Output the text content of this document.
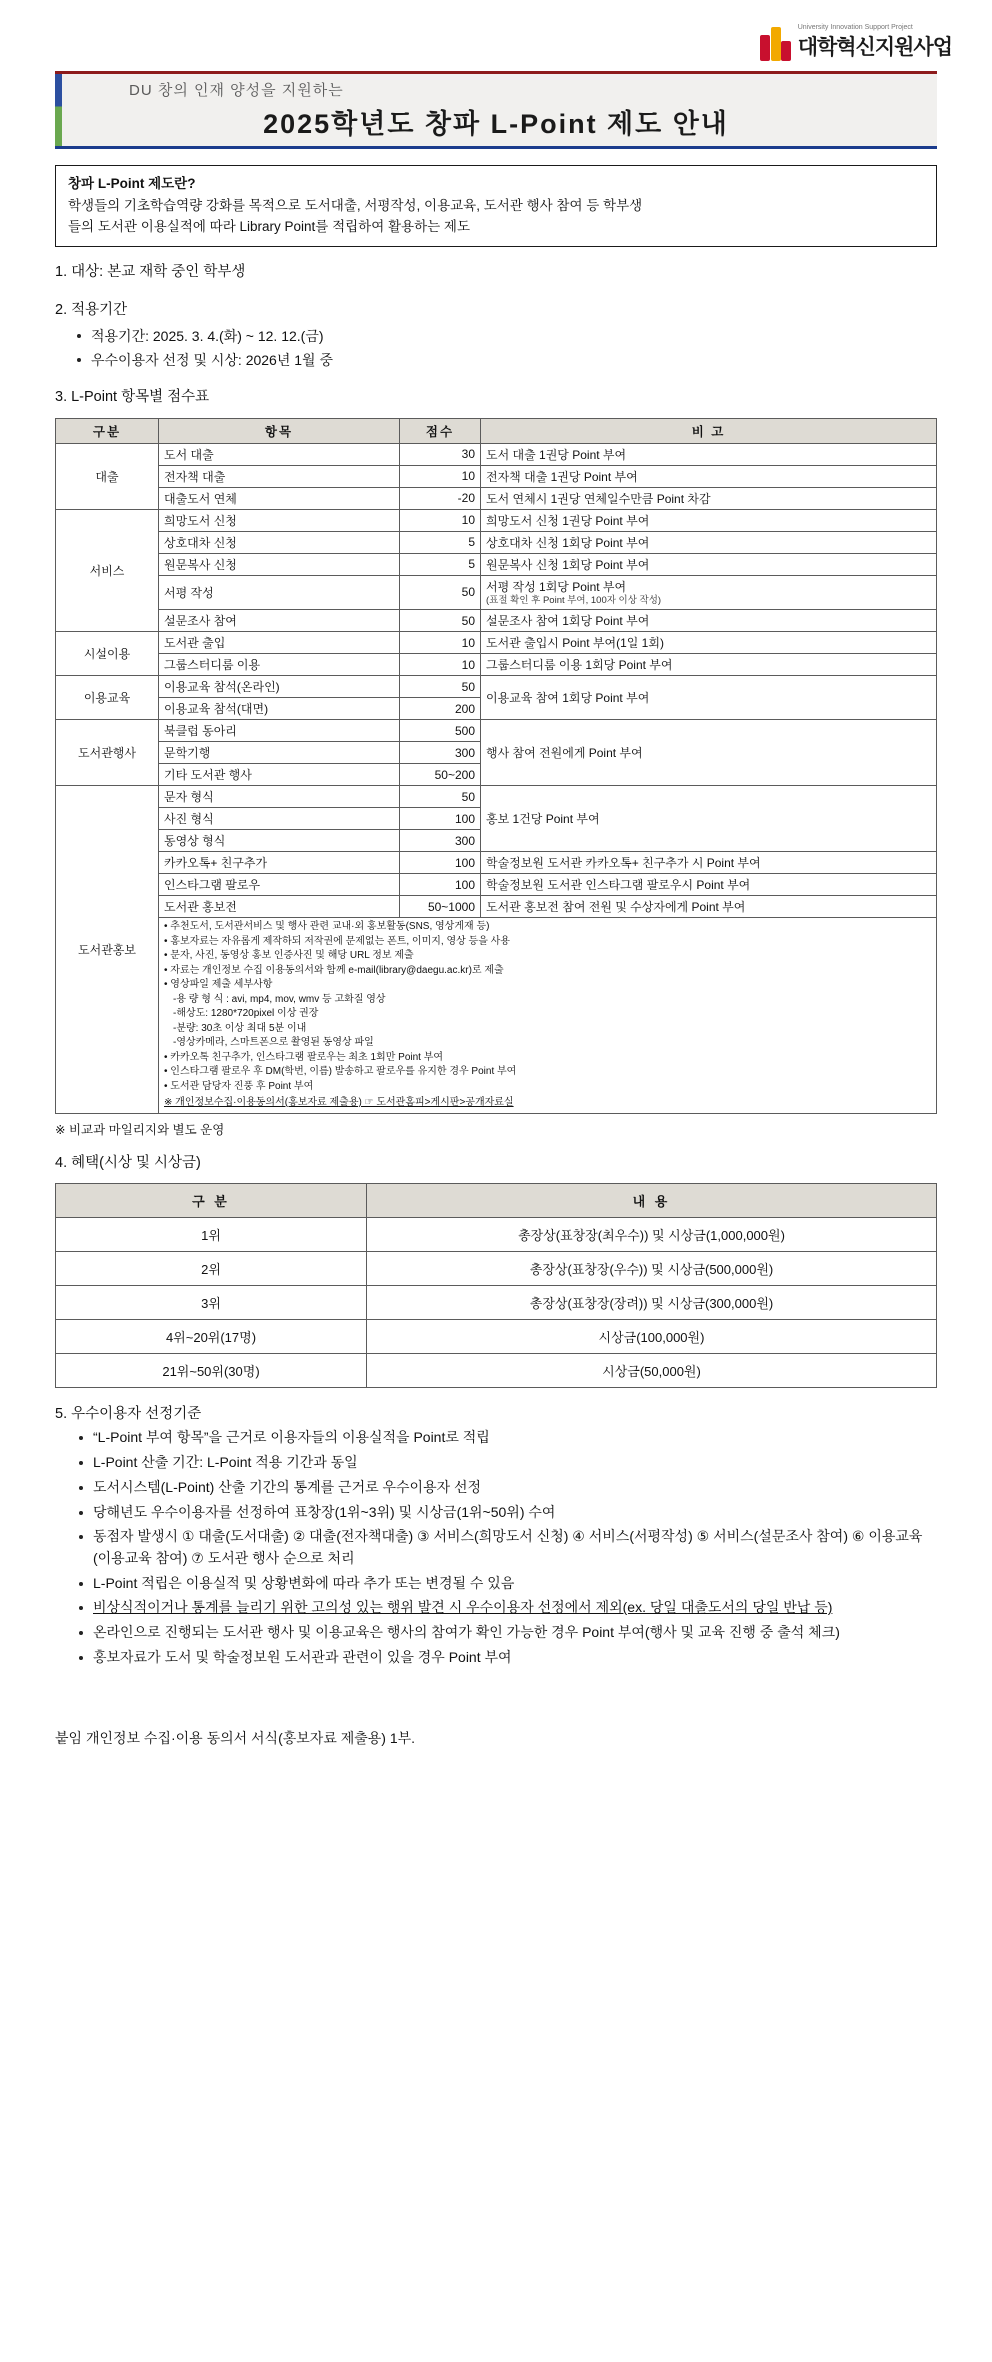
University Innovation Support Project
대학혁신지원사업
DU 창의 인재 양성을 지원하는
2025학년도 창파 L-Point 제도 안내
창파 L-Point 제도란?
학생들의 기초학습역량 강화를 목적으로 도서대출, 서평작성, 이용교육, 도서관 행사 참여 등 학부생
들의 도서관 이용실적에 따라 Library Point를 적립하여 활용하는 제도
1. 대상: 본교 재학 중인 학부생
2. 적용기간
적용기간: 2025. 3. 4.(화) ~ 12. 12.(금)
우수이용자 선정 및 시상: 2026년 1월 중
3. L-Point 항목별 점수표
구분	항목	점수	비 고
대출	도서 대출	30	도서 대출 1권당 Point 부여
	전자책 대출	10	전자책 대출 1권당 Point 부여
	대출도서 연체	-20	도서 연체시 1권당 연체일수만큼 Point 차감
서비스	희망도서 신청	10	희망도서 신청 1권당 Point 부여
	상호대차 신청	5	상호대차 신청 1회당 Point 부여
	원문복사 신청	5	원문복사 신청 1회당 Point 부여
	서평 작성	50	서평 작성 1회당 Point 부여
(표절 확인 후 Point 부여, 100자 이상 작성)

	설문조사 참여	50	설문조사 참여 1회당 Point 부여
시설이용	도서관 출입	10	도서관 출입시 Point 부여(1일 1회)
	그룹스터디룸 이용	10	그룹스터디룸 이용 1회당 Point 부여
이용교육	이용교육 참석(온라인)	50	이용교육 참여 1회당 Point 부여
	이용교육 참석(대면)	200	
도서관행사	북클럽 동아리	500	행사 참여 전원에게 Point 부여
	문학기행	300	
	기타 도서관 행사	50~200	
도서관홍보	문자 형식	50	홍보 1건당 Point 부여
	사진 형식	100	
	동영상 형식	300	
	카카오톡+ 친구추가	100	학술정보원 도서관 카카오톡+ 친구추가 시 Point 부여
	인스타그램 팔로우	100	학술정보원 도서관 인스타그램 팔로우시 Point 부여
	도서관 홍보전	50~1000	도서관 홍보전 참여 전원 및 수상자에게 Point 부여

• 추천도서, 도서관서비스 및 행사 관련 교내·외 홍보활동(SNS, 영상게재 등)
• 홍보자료는 자유롭게 제작하되 저작권에 문제없는 폰트, 이미지, 영상 등을 사용
• 문자, 사진, 동영상 홍보 인증사진 및 해당 URL 정보 제출
• 자료는 개인정보 수집 이용동의서와 함께 e-mail(library@daegu.ac.kr)로 제출
• 영상파일 제출 세부사항
-용 량 형 식 : avi, mp4, mov, wmv 등 고화질 영상
-해상도: 1280*720pixel 이상 권장
-분량: 30초 이상 최대 5분 이내
-영상카메라, 스마트폰으로 촬영된 동영상 파일
• 카카오톡 친구추가, 인스타그램 팔로우는 최초 1회만 Point 부여
• 인스타그램 팔로우 후 DM(학번, 이름) 발송하고 팔로우를 유지한 경우 Point 부여
• 도서관 담당자 진풍 후 Point 부여
※ 개인정보수집·이용동의서(홍보자료 제출용) ☞ 도서관홈피>게시판>공개자료실
※ 비교과 마일리지와 별도 운영
4. 혜택(시상 및 시상금)
구 분	내 용
1위	총장상(표창장(최우수)) 및 시상금(1,000,000원)
2위	총장상(표창장(우수)) 및 시상금(500,000원)
3위	총장상(표창장(장려)) 및 시상금(300,000원)
4위~20위(17명)	시상금(100,000원)
21위~50위(30명)	시상금(50,000원)
5. 우수이용자 선정기준
“L-Point 부여 항목”을 근거로 이용자들의 이용실적을 Point로 적립
L-Point 산출 기간: L-Point 적용 기간과 동일
도서시스템(L-Point) 산출 기간의 통계를 근거로 우수이용자 선정
당해년도 우수이용자를 선정하여 표창장(1위~3위) 및 시상금(1위~50위) 수여
동점자 발생시 ① 대출(도서대출) ② 대출(전자책대출) ③ 서비스(희망도서 신청) ④ 서비스(서평작성) ⑤ 서비스(설문조사 참여) ⑥ 이용교육(이용교육 참여) ⑦ 도서관 행사 순으로 처리
L-Point 적립은 이용실적 및 상황변화에 따라 추가 또는 변경될 수 있음
비상식적이거나 통계를 늘리기 위한 고의성 있는 행위 발견 시 우수이용자 선정에서 제외(ex. 당일 대출도서의 당일 반납 등)
온라인으로 진행되는 도서관 행사 및 이용교육은 행사의 참여가 확인 가능한 경우 Point 부여(행사 및 교육 진행 중 출석 체크)
홍보자료가 도서 및 학술정보원 도서관과 관련이 있을 경우 Point 부여
붙임 개인정보 수집·이용 동의서 서식(홍보자료 제출용) 1부.
